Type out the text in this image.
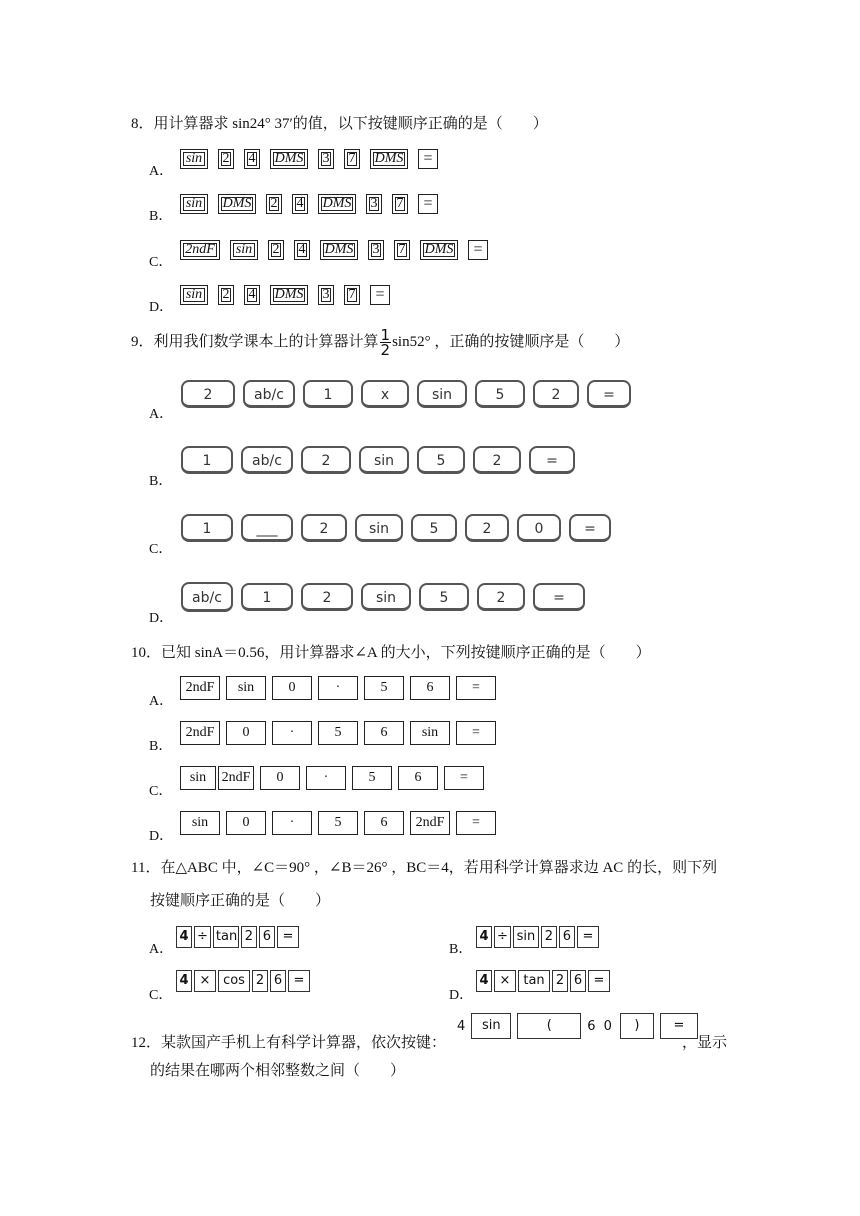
8．用计算器求 sin24° 37′的值，以下按键顺序正确的是（　　）
A．
sin	2	4	DMS	3	7	DMS	=
B．
sin	DMS	2	4	DMS	3	7	=
C．
2ndF	sin	2	4	DMS	3	7	DMS	=
D．
sin	2	4	DMS	3	7	=
9．利用我们数学课本上的计算器计算 $\frac{1}{2} \sin 52^\circ$ ，正确的按键顺序是（　　）
A．
2	ab/c	1	x	sin	5	2	=
B．
1	ab/c	2	sin	5	2	=
C．
1	___	2	sin	5	2	0	=
D．
ab/c	1	2	sin	5	2	=
10．已知 sinA＝0.56，用计算器求∠A 的大小，下列按键顺序正确的是（　　）
A．
2ndF	sin	0	·	5	6	=
B．
2ndF	0	·	5	6	sin	=
C．
sin	2ndF	0	·	5	6	=
D．
sin	0	·	5	6	2ndF	=
11．在△ABC 中，∠C＝90° ，∠B＝26° ，BC＝4，若用科学计算器求边 AC 的长，则下列
按键顺序正确的是（　　）
A．
4 ÷ tan 2 6 =
B．
4 ÷ sin 2 6 =
C．
4 × cos 2 6 =
D．
4 × tan 2 6 =
12．某款国产手机上有科学计算器，依次按键：
4	sin	(	6 0	)	=
，显示
的结果在哪两个相邻整数之间（　　）
